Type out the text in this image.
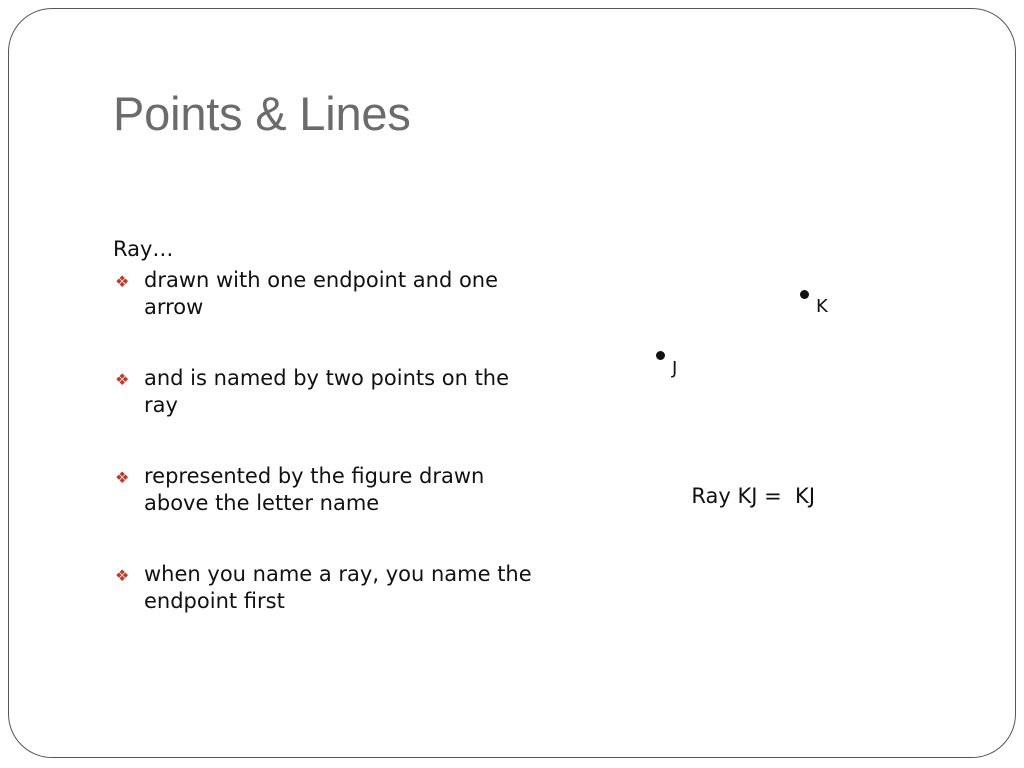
Points & Lines
Ray…
❖ drawn with one endpoint and one arrow
❖ and is named by two points on the ray
❖ represented by the figure drawn above the letter name
❖ when you name a ray, you name the endpoint first
K
J

Ray KJ =  KJ
